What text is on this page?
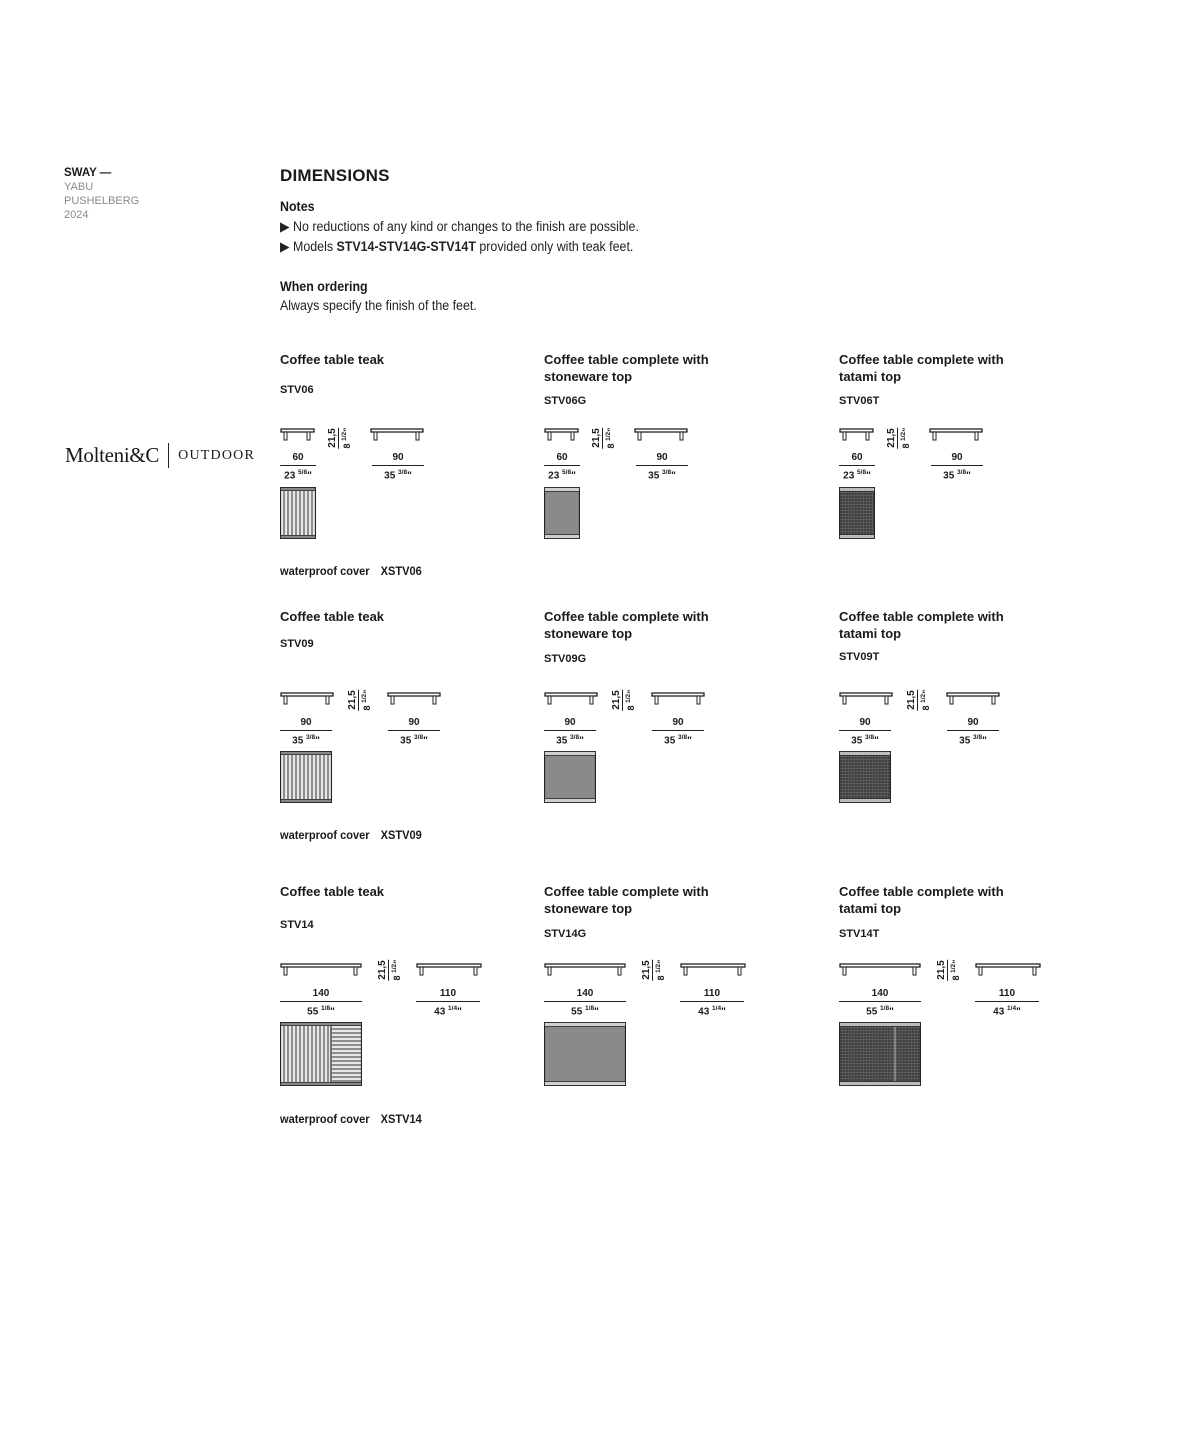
SWAY —
YABU
PUSHELBERG
2024
Molteni&C OUTDOOR
DIMENSIONS
Notes
▶ No reductions of any kind or changes to the finish are possible.
▶ Models STV14-STV14G-STV14T provided only with teak feet.
When ordering
Always specify the finish of the feet.
Coffee table teak
STV06
60
23 $^{5/8}$"
21,5 8 $^{1/2}$"
90
35 $^{3/8}$"
waterproof cover XSTV06
Coffee table complete with stoneware top
STV06G
60
23 $^{5/8}$"
21,5 8 $^{1/2}$"
90
35 $^{3/8}$"
Coffee table complete with tatami top
STV06T
60
23 $^{5/8}$"
21,5 8 $^{1/2}$"
90
35 $^{3/8}$"
Coffee table teak
STV09
90
35 $^{3/8}$"
21,5 8 $^{1/2}$"
90
35 $^{3/8}$"
waterproof cover XSTV09
Coffee table complete with stoneware top
STV09G
90
35 $^{3/8}$"
21,5 8 $^{1/2}$"
90
35 $^{3/8}$"
Coffee table complete with tatami top
STV09T
90
35 $^{3/8}$"
21,5 8 $^{1/2}$"
90
35 $^{3/8}$"
Coffee table teak
STV14
140
55 $^{1/8}$"
21,5 8 $^{1/2}$"
110
43 $^{1/4}$"
waterproof cover XSTV14
Coffee table complete with stoneware top
STV14G
140
55 $^{1/8}$"
21,5 8 $^{1/2}$"
110
43 $^{1/4}$"
Coffee table complete with tatami top
STV14T
140
55 $^{1/8}$"
21,5 8 $^{1/2}$"
110
43 $^{1/4}$"
